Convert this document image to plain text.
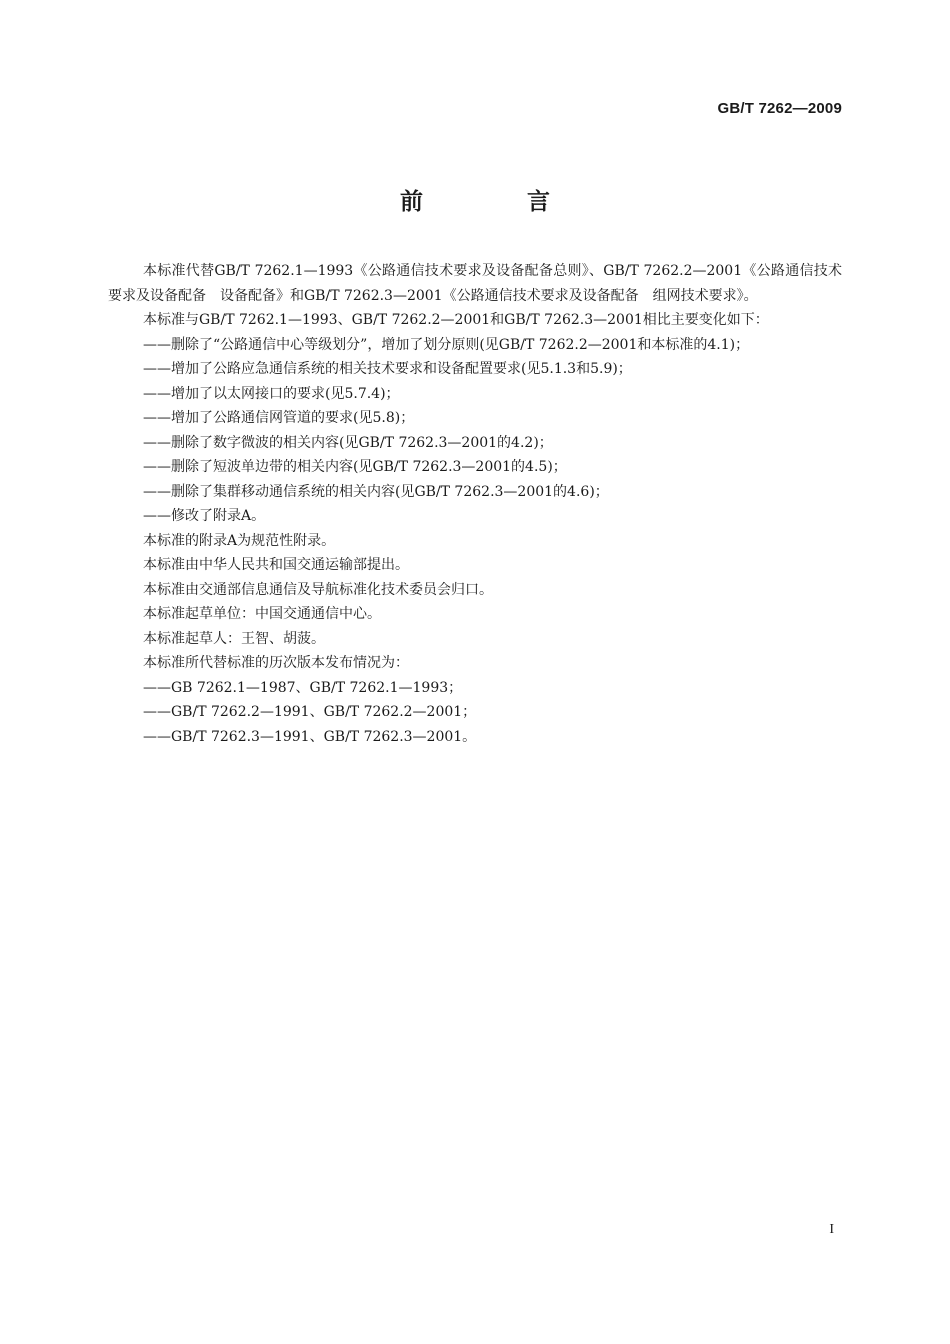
GB/T 7262—2009
前 言

本标准代替GB/T 7262.1—1993《公路通信技术要求及设备配备总则》、GB/T 7262.2—2001《公路通信技术要求及设备配备　设备配备》和GB/T 7262.3—2001《公路通信技术要求及设备配备　组网技术要求》。

本标准与GB/T 7262.1—1993、GB/T 7262.2—2001和GB/T 7262.3—2001相比主要变化如下：

——删除了“公路通信中心等级划分”，增加了划分原则(见GB/T 7262.2—2001和本标准的4.1)；

——增加了公路应急通信系统的相关技术要求和设备配置要求(见5.1.3和5.9)；

——增加了以太网接口的要求(见5.7.4)；

——增加了公路通信网管道的要求(见5.8)；

——删除了数字微波的相关内容(见GB/T 7262.3—2001的4.2)；

——删除了短波单边带的相关内容(见GB/T 7262.3—2001的4.5)；

——删除了集群移动通信系统的相关内容(见GB/T 7262.3—2001的4.6)；

——修改了附录A。

本标准的附录A为规范性附录。

本标准由中华人民共和国交通运输部提出。

本标准由交通部信息通信及导航标准化技术委员会归口。

本标准起草单位：中国交通通信中心。

本标准起草人：王智、胡菠。

本标准所代替标准的历次版本发布情况为：

——GB 7262.1—1987、GB/T 7262.1—1993；

——GB/T 7262.2—1991、GB/T 7262.2—2001；

——GB/T 7262.3—1991、GB/T 7262.3—2001。

I
